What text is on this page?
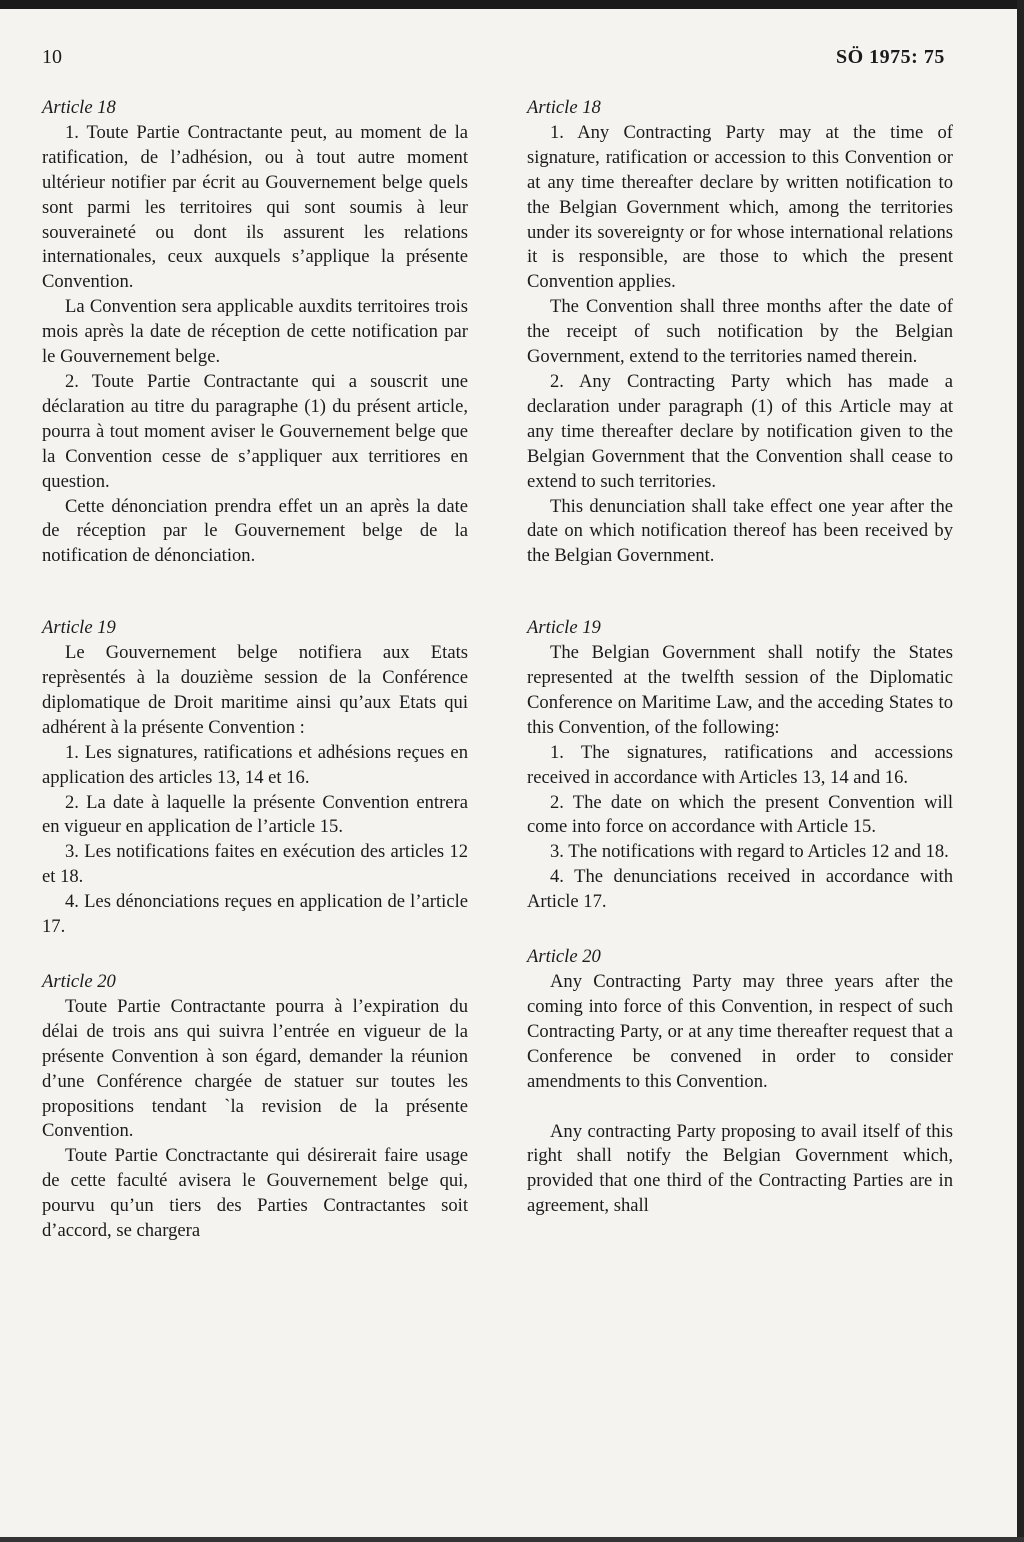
10	SÖ 1975: 75
Article 18

1. Toute Partie Contractante peut, au moment de la ratification, de l’adhésion, ou à tout autre moment ultérieur notifier par écrit au Gouvernement belge quels sont parmi les territoires qui sont soumis à leur souveraineté ou dont ils assurent les relations internationales, ceux auxquels s’applique la présente Convention.

La Convention sera applicable auxdits territoires trois mois après la date de réception de cette notification par le Gouvernement belge.

2. Toute Partie Contractante qui a souscrit une déclaration au titre du paragraphe (1) du présent article, pourra à tout moment aviser le Gouvernement belge que la Convention cesse de s’appliquer aux territiores en question.

Cette dénonciation prendra effet un an après la date de réception par le Gouvernement belge de la notification de dénonciation.

Article 19

Le Gouvernement belge notifiera aux Etats reprèsentés à la douzième session de la Conférence diplomatique de Droit maritime ainsi qu’aux Etats qui adhérent à la présente Convention :

1. Les signatures, ratifications et adhésions reçues en application des articles 13, 14 et 16.

2. La date à laquelle la présente Convention entrera en vigueur en application de l’article 15.

3. Les notifications faites en exécution des articles 12 et 18.

4. Les dénonciations reçues en application de l’article 17.

Article 20

Toute Partie Contractante pourra à l’expiration du délai de trois ans qui suivra l’entrée en vigueur de la présente Convention à son égard, demander la réunion d’une Conférence chargée de statuer sur toutes les propositions tendant `la revision de la présente Convention.

Toute Partie Conctractante qui désirerait faire usage de cette faculté avisera le Gouvernement belge qui, pourvu qu’un tiers des Parties Contractantes soit d’accord, se chargera

Article 18

1. Any Contracting Party may at the time of signature, ratification or accession to this Convention or at any time thereafter declare by written notification to the Belgian Government which, among the territories under its sovereignty or for whose international relations it is responsible, are those to which the present Convention applies.

The Convention shall three months after the date of the receipt of such notification by the Belgian Government, extend to the territories named therein.

2. Any Contracting Party which has made a declaration under paragraph (1) of this Article may at any time thereafter declare by notification given to the Belgian Government that the Convention shall cease to extend to such territories.

This denunciation shall take effect one year after the date on which notification thereof has been received by the Belgian Government.

Article 19

The Belgian Government shall notify the States represented at the twelfth session of the Diplomatic Conference on Maritime Law, and the acceding States to this Convention, of the following:

1. The signatures, ratifications and accessions received in accordance with Articles 13, 14 and 16.

2. The date on which the present Convention will come into force on accordance with Article 15.

3. The notifications with regard to Articles 12 and 18.

4. The denunciations received in accordance with Article 17.

Article 20

Any Contracting Party may three years after the coming into force of this Convention, in respect of such Contracting Party, or at any time thereafter request that a Conference be convened in order to consider amendments to this Convention.

Any contracting Party proposing to avail itself of this right shall notify the Belgian Government which, provided that one third of the Contracting Parties are in agreement, shall
